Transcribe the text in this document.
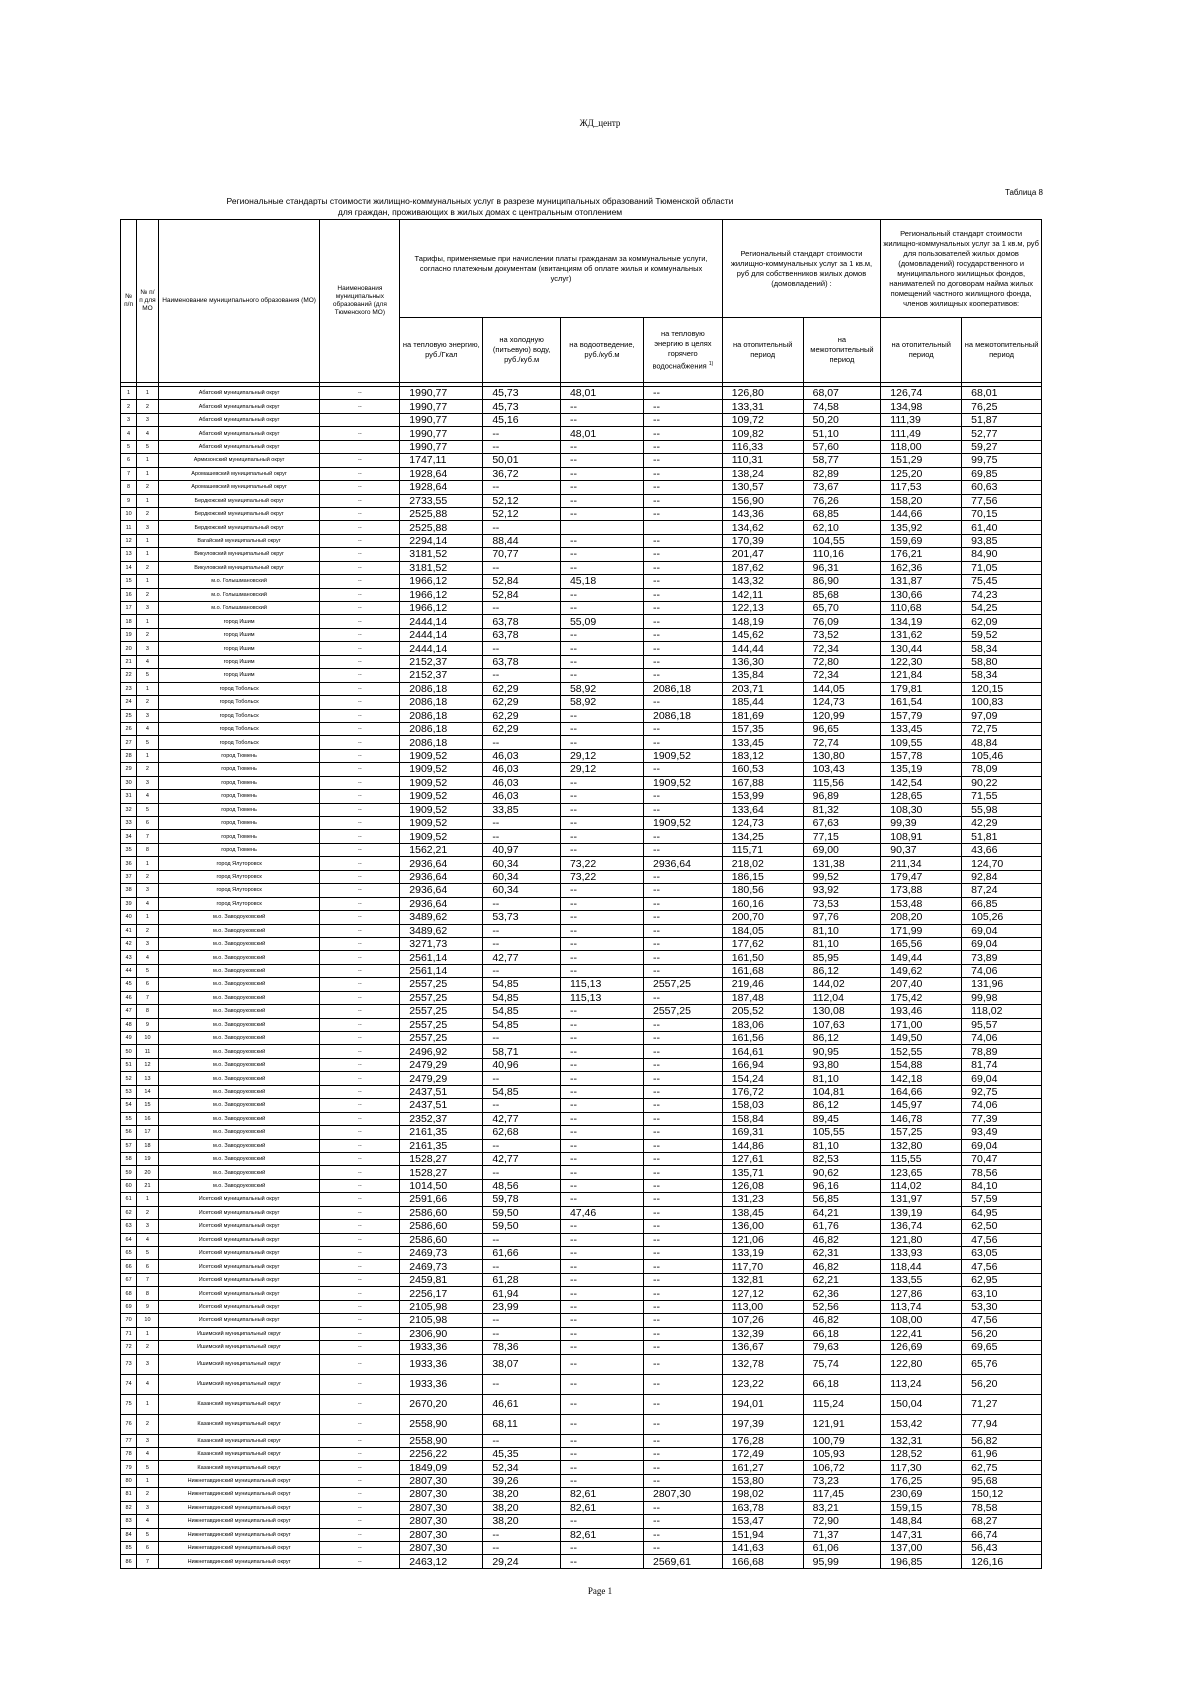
ЖД_центр
Таблица 8
Региональные стандарты стоимости жилищно-коммунальных услуг в разрезе муниципальных образований Тюменской области
для граждан, проживающих в жилых домах с центральным отоплением
№ п/п	№ п/п для МО	Наименование муниципального образования (МО)	Наименования муниципальных образований (для Тюменского МО)	Тарифы, применяемые при начислении платы гражданам за коммунальные услуги, согласно платежным документам (квитанциям об оплате жилья и коммунальных услуг)				Региональный стандарт стоимости жилищно-коммунальных услуг за 1 кв.м, руб для собственников жилых домов (домовладений) :		Региональный стандарт стоимости жилищно-коммунальных услуг за 1 кв.м, руб для пользователей жилых домов (домовладений) государственного и муниципального жилищных фондов, нанимателей по договорам найма жилых помещений частного жилищного фонда, членов жилищных кооперативов:	
				на тепловую энергию, руб./Гкал	на холодную (питьевую) воду, руб./куб.м	на водоотведение, руб./куб.м	на тепловую энергию в целях горячего водоснабжения $^{1)}$	на отопительный период	на межотопительный период	на отопительный период	на межотопительный период

1	1	Абатский муниципальный округ	--	1990,77	45,73	48,01	--	126,80	68,07	126,74	68,01
2	2	Абатский муниципальный округ	--	1990,77	45,73	--	--	133,31	74,58	134,98	76,25
3	3	Абатский муниципальный округ		1990,77	45,16	--	--	109,72	50,20	111,39	51,87
4	4	Абатский муниципальный округ	--	1990,77	--	48,01	--	109,82	51,10	111,49	52,77
5	5	Абатский муниципальный округ		1990,77	--	--	--	116,33	57,60	118,00	59,27
6	1	Армизонский муниципальный округ	--	1747,11	50,01	--	--	110,31	58,77	151,29	99,75
7	1	Аромашевский муниципальный округ	--	1928,64	36,72	--	--	138,24	82,89	125,20	69,85
8	2	Аромашевский муниципальный округ	--	1928,64	--	--	--	130,57	73,67	117,53	60,63
9	1	Бердюжский муниципальный округ	--	2733,55	52,12	--	--	156,90	76,26	158,20	77,56
10	2	Бердюжский муниципальный округ	--	2525,88	52,12	--	--	143,36	68,85	144,66	70,15
11	3	Бердюжский муниципальный округ	--	2525,88	--			134,62	62,10	135,92	61,40
12	1	Вагайский муниципальный округ	--	2294,14	88,44	--	--	170,39	104,55	159,69	93,85
13	1	Викуловский муниципальный округ	--	3181,52	70,77	--	--	201,47	110,16	176,21	84,90
14	2	Викуловский муниципальный округ	--	3181,52	--	--	--	187,62	96,31	162,36	71,05
15	1	м.о. Голышмановский	--	1966,12	52,84	45,18	--	143,32	86,90	131,87	75,45
16	2	м.о. Голышмановский	--	1966,12	52,84	--	--	142,11	85,68	130,66	74,23
17	3	м.о. Голышмановский	--	1966,12	--	--	--	122,13	65,70	110,68	54,25
18	1	город Ишим	--	2444,14	63,78	55,09	--	148,19	76,09	134,19	62,09
19	2	город Ишим	--	2444,14	63,78	--	--	145,62	73,52	131,62	59,52
20	3	город Ишим	--	2444,14	--	--	--	144,44	72,34	130,44	58,34
21	4	город Ишим	--	2152,37	63,78	--	--	136,30	72,80	122,30	58,80
22	5	город Ишим	--	2152,37	--	--	--	135,84	72,34	121,84	58,34
23	1	город Тобольск	--	2086,18	62,29	58,92	2086,18	203,71	144,05	179,81	120,15
24	2	город Тобольск	--	2086,18	62,29	58,92	--	185,44	124,73	161,54	100,83
25	3	город Тобольск	--	2086,18	62,29	--	2086,18	181,69	120,99	157,79	97,09
26	4	город Тобольск	--	2086,18	62,29	--	--	157,35	96,65	133,45	72,75
27	5	город Тобольск	--	2086,18	--	--	--	133,45	72,74	109,55	48,84
28	1	город Тюмень	--	1909,52	46,03	29,12	1909,52	183,12	130,80	157,78	105,46
29	2	город Тюмень	--	1909,52	46,03	29,12	--	160,53	103,43	135,19	78,09
30	3	город Тюмень	--	1909,52	46,03	--	1909,52	167,88	115,56	142,54	90,22
31	4	город Тюмень	--	1909,52	46,03	--	--	153,99	96,89	128,65	71,55
32	5	город Тюмень	--	1909,52	33,85	--	--	133,64	81,32	108,30	55,98
33	6	город Тюмень	--	1909,52	--	--	1909,52	124,73	67,63	99,39	42,29
34	7	город Тюмень	--	1909,52	--	--	--	134,25	77,15	108,91	51,81
35	8	город Тюмень	--	1562,21	40,97	--	--	115,71	69,00	90,37	43,66
36	1	город Ялуторовск	--	2936,64	60,34	73,22	2936,64	218,02	131,38	211,34	124,70
37	2	город Ялуторовск	--	2936,64	60,34	73,22	--	186,15	99,52	179,47	92,84
38	3	город Ялуторовск	--	2936,64	60,34	--	--	180,56	93,92	173,88	87,24
39	4	город Ялуторовск	--	2936,64	--	--	--	160,16	73,53	153,48	66,85
40	1	м.о. Заводоуковский	--	3489,62	53,73	--	--	200,70	97,76	208,20	105,26
41	2	м.о. Заводоуковский	--	3489,62	--	--	--	184,05	81,10	171,99	69,04
42	3	м.о. Заводоуковский	--	3271,73	--	--	--	177,62	81,10	165,56	69,04
43	4	м.о. Заводоуковский	--	2561,14	42,77	--	--	161,50	85,95	149,44	73,89
44	5	м.о. Заводоуковский	--	2561,14	--	--	--	161,68	86,12	149,62	74,06
45	6	м.о. Заводоуковский	--	2557,25	54,85	115,13	2557,25	219,46	144,02	207,40	131,96
46	7	м.о. Заводоуковский	--	2557,25	54,85	115,13	--	187,48	112,04	175,42	99,98
47	8	м.о. Заводоуковский	--	2557,25	54,85	--	2557,25	205,52	130,08	193,46	118,02
48	9	м.о. Заводоуковский	--	2557,25	54,85	--	--	183,06	107,63	171,00	95,57
49	10	м.о. Заводоуковский	--	2557,25	--	--	--	161,56	86,12	149,50	74,06
50	11	м.о. Заводоуковский	--	2496,92	58,71	--	--	164,61	90,95	152,55	78,89
51	12	м.о. Заводоуковский	--	2479,29	40,96	--	--	166,94	93,80	154,88	81,74
52	13	м.о. Заводоуковский	--	2479,29	--	--	--	154,24	81,10	142,18	69,04
53	14	м.о. Заводоуковский	--	2437,51	54,85	--	--	176,72	104,81	164,66	92,75
54	15	м.о. Заводоуковский	--	2437,51	--	--	--	158,03	86,12	145,97	74,06
55	16	м.о. Заводоуковский	--	2352,37	42,77	--	--	158,84	89,45	146,78	77,39
56	17	м.о. Заводоуковский	--	2161,35	62,68	--	--	169,31	105,55	157,25	93,49
57	18	м.о. Заводоуковский	--	2161,35	--	--	--	144,86	81,10	132,80	69,04
58	19	м.о. Заводоуковский	--	1528,27	42,77	--	--	127,61	82,53	115,55	70,47
59	20	м.о. Заводоуковский	--	1528,27	--	--	--	135,71	90,62	123,65	78,56
60	21	м.о. Заводоуковский	--	1014,50	48,56	--	--	126,08	96,16	114,02	84,10
61	1	Исетский муниципальный округ	--	2591,66	59,78	--	--	131,23	56,85	131,97	57,59
62	2	Исетский муниципальный округ	--	2586,60	59,50	47,46	--	138,45	64,21	139,19	64,95
63	3	Исетский муниципальный округ	--	2586,60	59,50	--	--	136,00	61,76	136,74	62,50
64	4	Исетский муниципальный округ	--	2586,60	--	--	--	121,06	46,82	121,80	47,56
65	5	Исетский муниципальный округ	--	2469,73	61,66	--	--	133,19	62,31	133,93	63,05
66	6	Исетский муниципальный округ	--	2469,73	--	--	--	117,70	46,82	118,44	47,56
67	7	Исетский муниципальный округ	--	2459,81	61,28	--	--	132,81	62,21	133,55	62,95
68	8	Исетский муниципальный округ	--	2256,17	61,94	--	--	127,12	62,36	127,86	63,10
69	9	Исетский муниципальный округ	--	2105,98	23,99	--	--	113,00	52,56	113,74	53,30
70	10	Исетский муниципальный округ	--	2105,98	--	--	--	107,26	46,82	108,00	47,56
71	1	Ишимский муниципальный округ	--	2306,90	--	--	--	132,39	66,18	122,41	56,20
72	2	Ишимский муниципальный округ	--	1933,36	78,36	--	--	136,67	79,63	126,69	69,65
73	3	Ишимский муниципальный округ	--	1933,36	38,07	--	--	132,78	75,74	122,80	65,76
74	4	Ишимский муниципальный округ	--	1933,36	--	--	--	123,22	66,18	113,24	56,20
75	1	Казанский муниципальный округ	--	2670,20	46,61	--	--	194,01	115,24	150,04	71,27
76	2	Казанский муниципальный округ	--	2558,90	68,11	--	--	197,39	121,91	153,42	77,94
77	3	Казанский муниципальный округ	--	2558,90	--	--	--	176,28	100,79	132,31	56,82
78	4	Казанский муниципальный округ	--	2256,22	45,35	--	--	172,49	105,93	128,52	61,96
79	5	Казанский муниципальный округ	--	1849,09	52,34	--	--	161,27	106,72	117,30	62,75
80	1	Нижнетавдинский муниципальный округ	--	2807,30	39,26	--	--	153,80	73,23	176,25	95,68
81	2	Нижнетавдинский муниципальный округ	--	2807,30	38,20	82,61	2807,30	198,02	117,45	230,69	150,12
82	3	Нижнетавдинский муниципальный округ	--	2807,30	38,20	82,61	--	163,78	83,21	159,15	78,58
83	4	Нижнетавдинский муниципальный округ	--	2807,30	38,20	--	--	153,47	72,90	148,84	68,27
84	5	Нижнетавдинский муниципальный округ	--	2807,30	--	82,61	--	151,94	71,37	147,31	66,74
85	6	Нижнетавдинский муниципальный округ	--	2807,30	--	--	--	141,63	61,06	137,00	56,43
86	7	Нижнетавдинский муниципальный округ	--	2463,12	29,24	--	2569,61	166,68	95,99	196,85	126,16
Page 1
